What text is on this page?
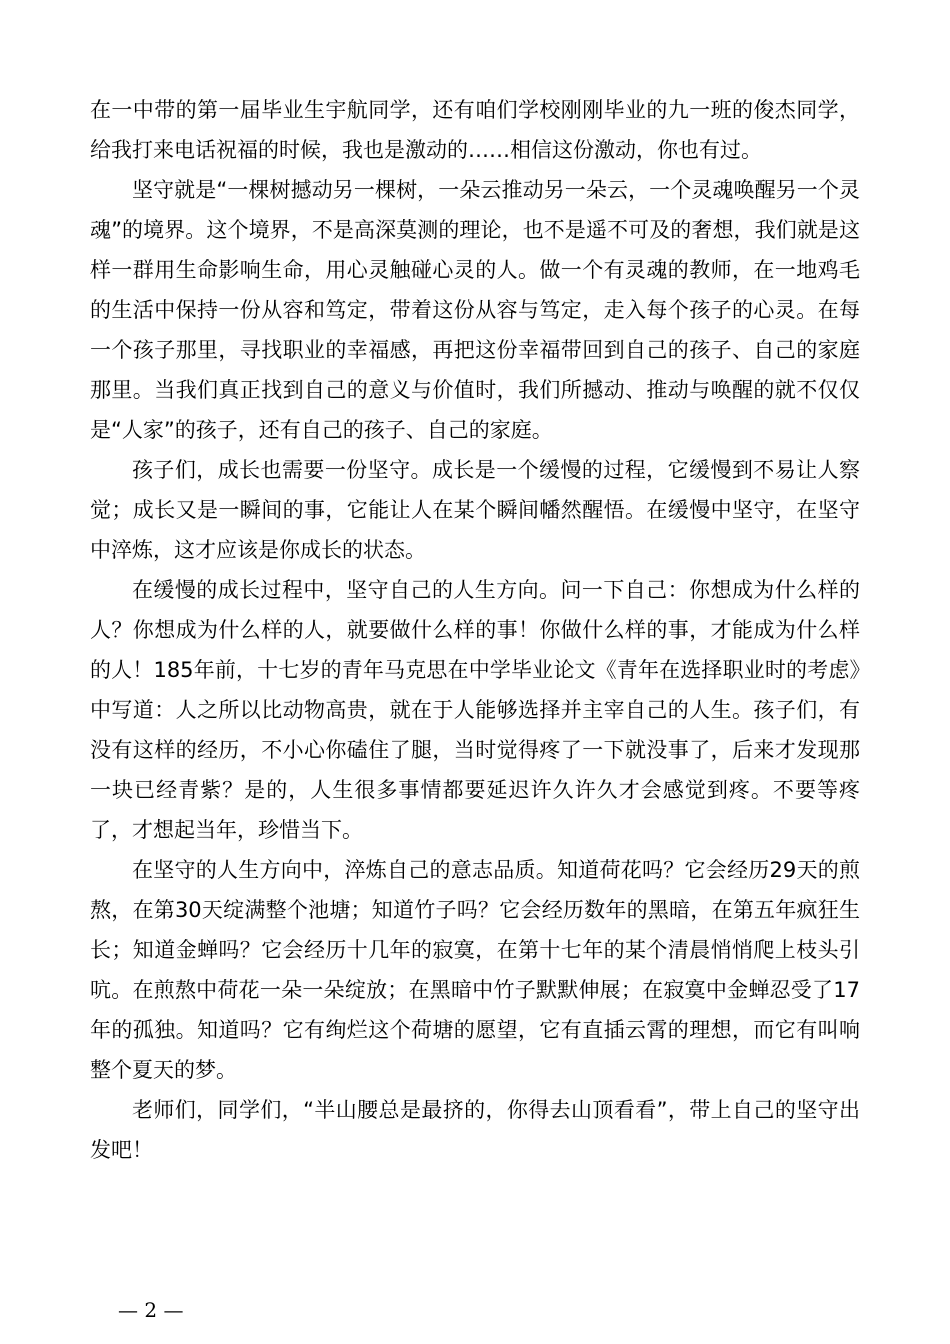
在一中带的第一届毕业生宇航同学，还有咱们学校刚刚毕业的九一班的俊杰同学，给我打来电话祝福的时候，我也是激动的……相信这份激动，你也有过。

坚守就是“一棵树撼动另一棵树，一朵云推动另一朵云，一个灵魂唤醒另一个灵魂”的境界。这个境界，不是高深莫测的理论，也不是遥不可及的奢想，我们就是这样一群用生命影响生命，用心灵触碰心灵的人。做一个有灵魂的教师，在一地鸡毛的生活中保持一份从容和笃定，带着这份从容与笃定，走入每个孩子的心灵。在每一个孩子那里，寻找职业的幸福感，再把这份幸福带回到自己的孩子、自己的家庭那里。当我们真正找到自己的意义与价值时，我们所撼动、推动与唤醒的就不仅仅是“人家”的孩子，还有自己的孩子、自己的家庭。

孩子们，成长也需要一份坚守。成长是一个缓慢的过程，它缓慢到不易让人察觉；成长又是一瞬间的事，它能让人在某个瞬间幡然醒悟。在缓慢中坚守，在坚守中淬炼，这才应该是你成长的状态。

在缓慢的成长过程中，坚守自己的人生方向。问一下自己：你想成为什么样的人？你想成为什么样的人，就要做什么样的事！你做什么样的事，才能成为什么样的人！185年前，十七岁的青年马克思在中学毕业论文《青年在选择职业时的考虑》中写道：人之所以比动物高贵，就在于人能够选择并主宰自己的人生。孩子们，有没有这样的经历，不小心你磕住了腿，当时觉得疼了一下就没事了，后来才发现那一块已经青紫？是的，人生很多事情都要延迟许久许久才会感觉到疼。不要等疼了，才想起当年，珍惜当下。

在坚守的人生方向中，淬炼自己的意志品质。知道荷花吗？它会经历29天的煎熬，在第30天绽满整个池塘；知道竹子吗？它会经历数年的黑暗，在第五年疯狂生长；知道金蝉吗？它会经历十几年的寂寞，在第十七年的某个清晨悄悄爬上枝头引吭。在煎熬中荷花一朵一朵绽放；在黑暗中竹子默默伸展；在寂寞中金蝉忍受了17年的孤独。知道吗？它有绚烂这个荷塘的愿望，它有直插云霄的理想，而它有叫响整个夏天的梦。

老师们，同学们，“半山腰总是最挤的，你得去山顶看看”，带上自己的坚守出发吧！

— 2 —
